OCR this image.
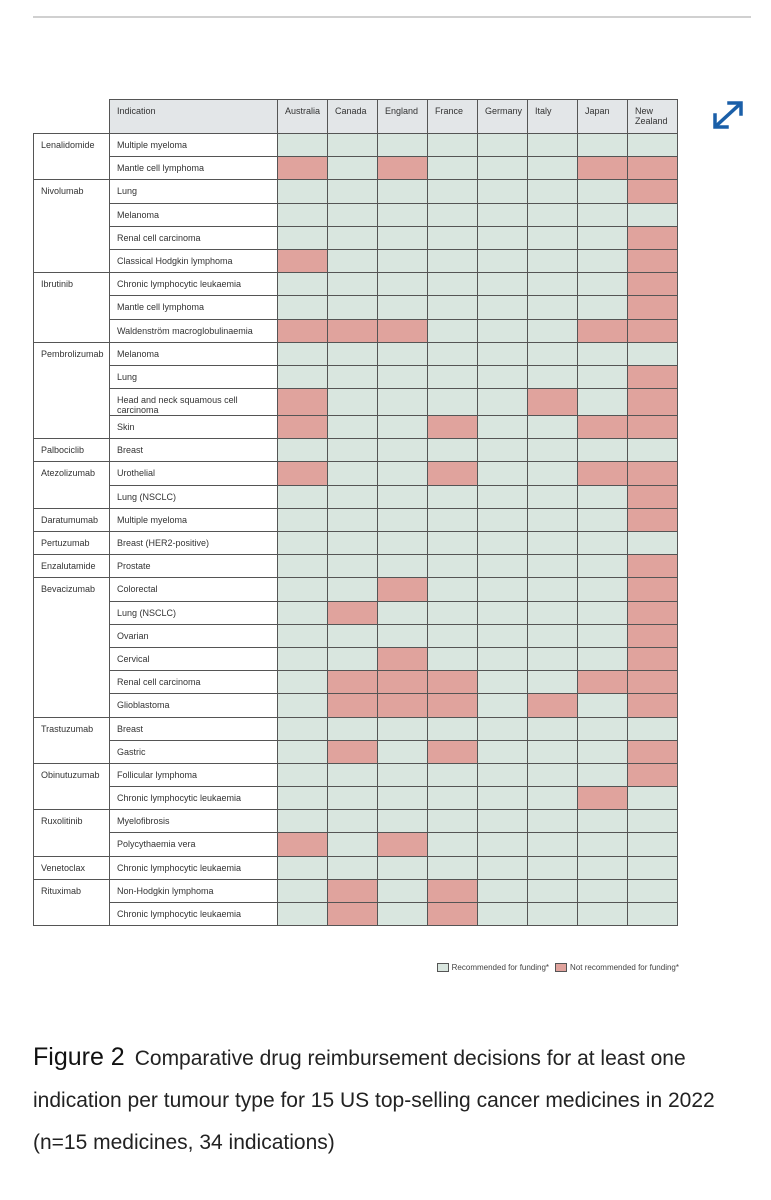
	Indication	Australia	Canada	England	France	Germany	Italy	Japan	New Zealand
Lenalidomide	Multiple myeloma								
	Mantle cell lymphoma								
Nivolumab	Lung								
	Melanoma								
	Renal cell carcinoma								
	Classical Hodgkin lymphoma								
Ibrutinib	Chronic lymphocytic leukaemia								
	Mantle cell lymphoma								
	Waldenström macroglobulinaemia								
Pembrolizumab	Melanoma								
	Lung								
	Head and neck squamous cell carcinoma								
	Skin								
Palbociclib	Breast								
Atezolizumab	Urothelial								
	Lung (NSCLC)								
Daratumumab	Multiple myeloma								
Pertuzumab	Breast (HER2-positive)								
Enzalutamide	Prostate								
Bevacizumab	Colorectal								
	Lung (NSCLC)								
	Ovarian								
	Cervical								
	Renal cell carcinoma								
	Glioblastoma								
Trastuzumab	Breast								
	Gastric								
Obinutuzumab	Follicular lymphoma								
	Chronic lymphocytic leukaemia								
Ruxolitinib	Myelofibrosis								
	Polycythaemia vera								
Venetoclax	Chronic lymphocytic leukaemia								
Rituximab	Non-Hodgkin lymphoma								
	Chronic lymphocytic leukaemia								
Recommended for funding*	Not recommended for funding*
Figure 2 Comparative drug reimbursement decisions for at least one indication per tumour type for 15 US top-selling cancer medicines in 2022 (n=15 medicines, 34 indications)
